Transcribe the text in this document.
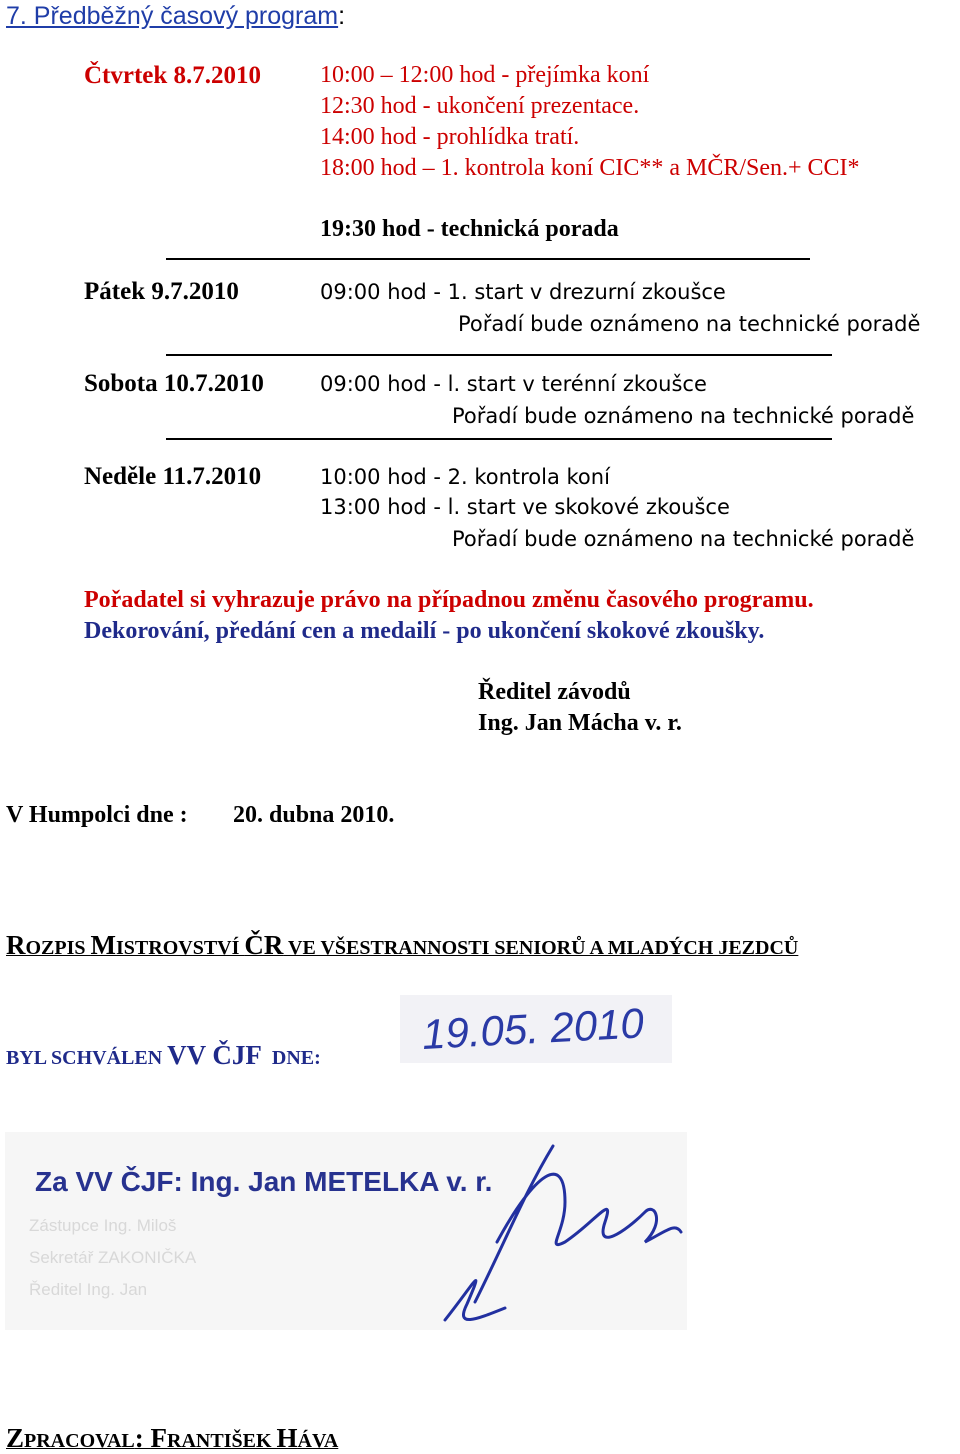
7. Předběžný časový program:
Čtvrtek 8.7.2010 10:00 – 12:00 hod - přejímka koní
12:30 hod - ukončení prezentace.
14:00 hod - prohlídka tratí.
18:00 hod – 1. kontrola koní CIC** a MČR/Sen.+ CCI*
19:30 hod - technická porada
Pátek 9.7.2010	09:00 hod - 1. start v drezurní zkoušce
Pořadí bude oznámeno na technické poradě
Sobota 10.7.2010	09:00 hod - l. start v terénní zkoušce
Pořadí bude oznámeno na technické poradě
Neděle 11.7.2010	10:00 hod - 2. kontrola koní
13:00 hod - l. start ve skokové zkoušce
Pořadí bude oznámeno na technické poradě
Pořadatel si vyhrazuje právo na případnou změnu časového programu.
Dekorování, předání cen a medailí - po ukončení skokové zkoušky.
Ředitel závodů
Ing. Jan Mácha v. r.
V Humpolci dne : 20. dubna 2010.
ROZPIS MISTROVSTVÍ ČR VE VŠESTRANNOSTI SENIORŮ A MLADÝCH JEZDCŮ
BYL SCHVÁLEN VV ČJF  DNE:
19.05. 2010
Zástupce Ing. Miloš
Sekretář ZAKONIČKA
Ředitel Ing. Jan
Za VV ČJF: Ing. Jan METELKA v. r.
ZPRACOVAL: FRANTIŠEK HÁVA
